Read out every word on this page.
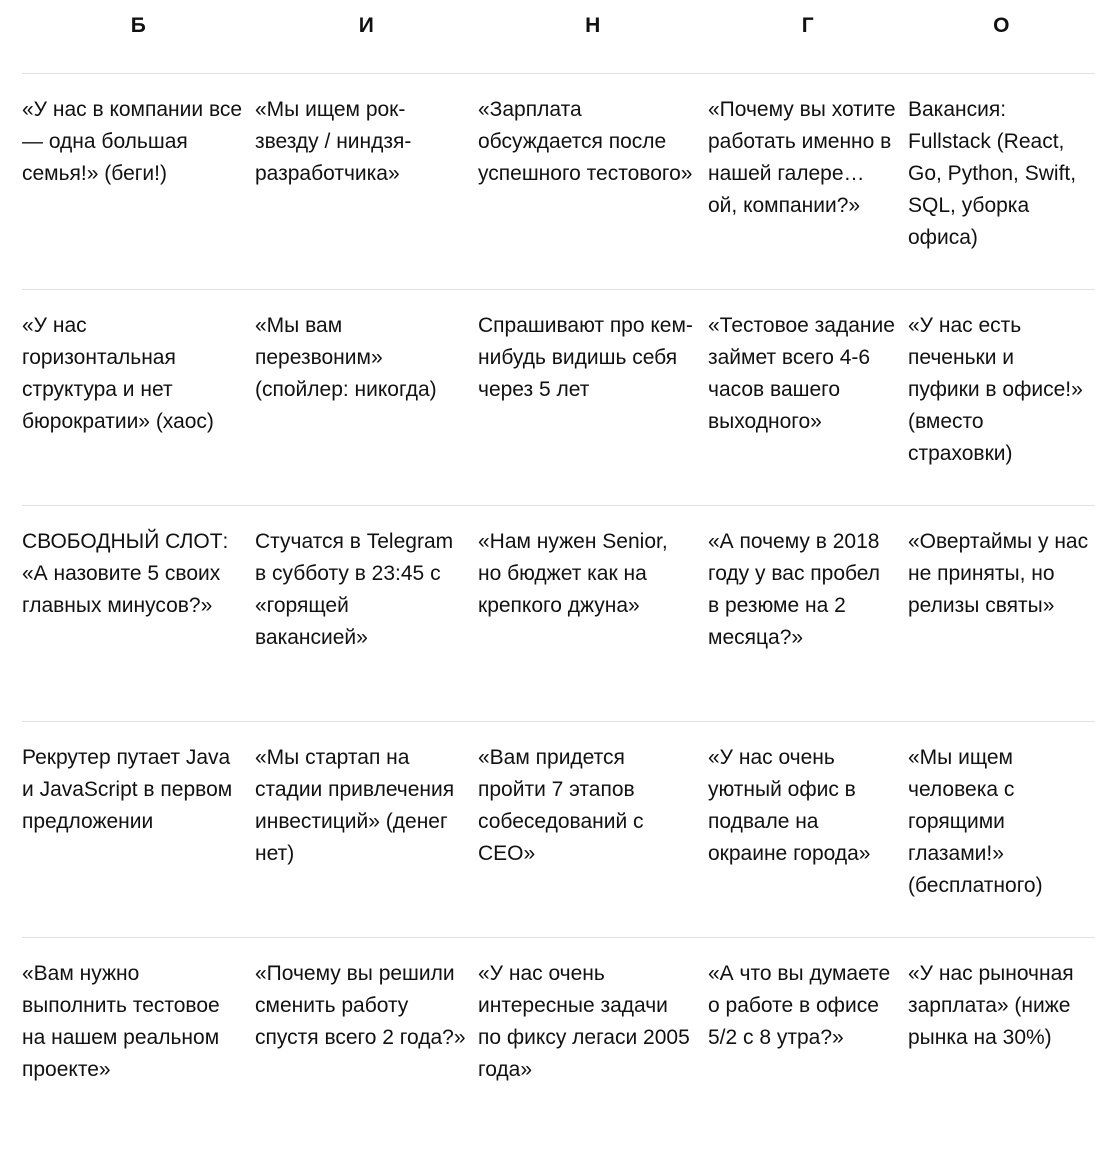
Б	И	Н	Г	О

«У нас в компании все — одна большая семья!» (беги!)	«Мы ищем рок-звезду / ниндзя-разработчика»	«Зарплата обсуждается после успешного тестового»	«Почему вы хотите работать именно в нашей галере… ой, компании?»	Вакансия: Fullstack (React, Go, Python, Swift, SQL, уборка офиса)
«У нас горизонтальная структура и нет бюрократии» (хаос)	«Мы вам перезвоним» (спойлер: никогда)	Спрашивают про кем-нибудь видишь себя через 5 лет	«Тестовое задание займет всего 4-6 часов вашего выходного»	«У нас есть печеньки и пуфики в офисе!» (вместо страховки)
СВОБОДНЫЙ СЛОТ: «А назовите 5 своих главных минусов?»	Стучатся в Telegram в субботу в 23:45 с «горящей вакансией»	«Нам нужен Senior, но бюджет как на крепкого джуна»	«А почему в 2018 году у вас пробел в резюме на 2 месяца?»	«Овертаймы у нас не приняты, но релизы святы»
Рекрутер путает Java и JavaScript в первом предложении	«Мы стартап на стадии привлечения инвестиций» (денег нет)	«Вам придется пройти 7 этапов собеседований с CEO»	«У нас очень уютный офис в подвале на окраине города»	«Мы ищем человека с горящими глазами!» (бесплатного)
«Вам нужно выполнить тестовое на нашем реальном проекте»	«Почему вы решили сменить работу спустя всего 2 года?»	«У нас очень интересные задачи по фиксу легаси 2005 года»	«А что вы думаете о работе в офисе 5/2 с 8 утра?»	«У нас рыночная зарплата» (ниже рынка на 30%)
